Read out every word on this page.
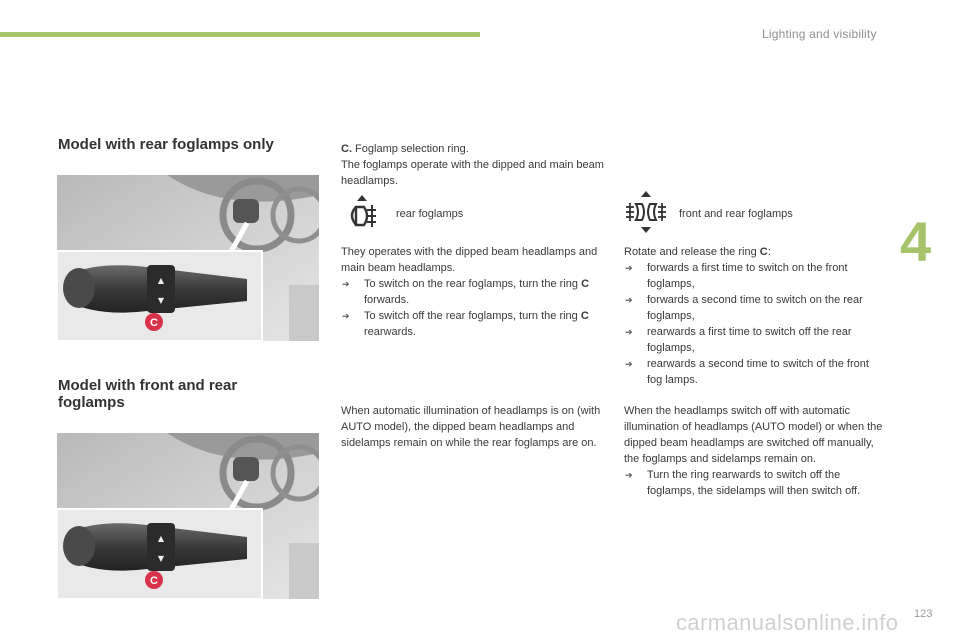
Lighting and visibility
4
123
carmanualsonline.info
Model with rear foglamps only
Model with front and rear foglamps
▲
▼
C
▲
▼
C
C. Foglamp selection ring.
The foglamps operate with the dipped and main beam headlamps.
rear foglamps	front and rear foglamps
They operates with the dipped beam headlamps and main beam headlamps.
➔ To switch on the rear foglamps, turn the ring C forwards.
➔ To switch off the rear foglamps, turn the ring C rearwards.
Rotate and release the ring C:
➔ forwards a first time to switch on the front foglamps,
➔ forwards a second time to switch on the rear foglamps,
➔ rearwards a first time to switch off the rear foglamps,
➔ rearwards a second time to switch of the front fog lamps.
When automatic illumination of headlamps is on (with AUTO model), the dipped beam headlamps and sidelamps remain on while the rear foglamps are on.
When the headlamps switch off with automatic illumination of headlamps (AUTO model) or when the dipped beam headlamps are switched off manually, the foglamps and sidelamps remain on.
➔ Turn the ring rearwards to switch off the foglamps, the sidelamps will then switch off.
